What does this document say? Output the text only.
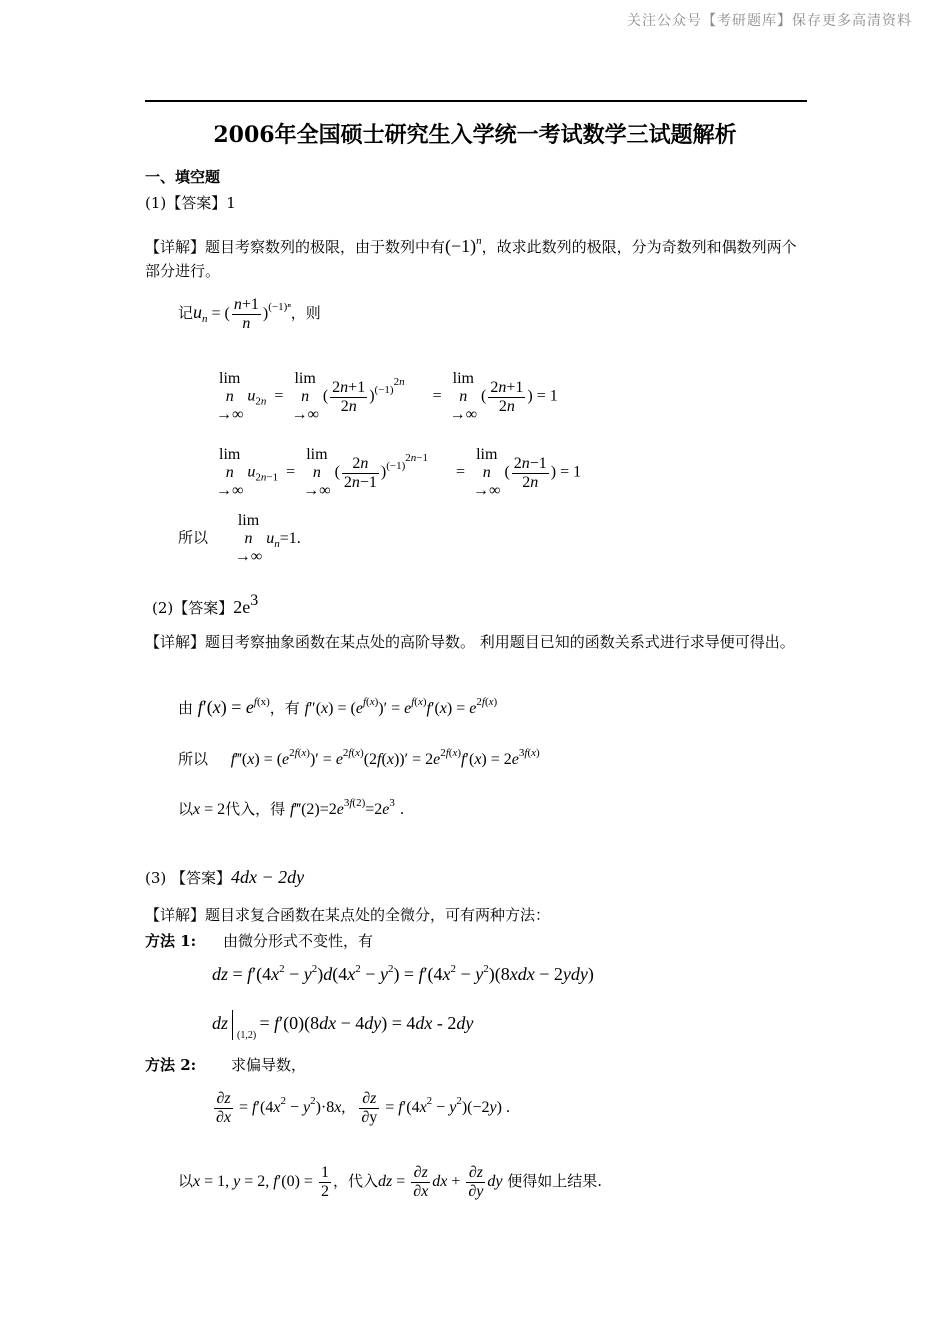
关注公众号【考研题库】保存更多高清资料
2006年全国硕士研究生入学统一考试数学三试题解析
一、填空题
(1)【答案】1
【详解】题目考察数列的极限，由于数列中有$(-1)^n$，故求此数列的极限，分为奇数列和偶数列两个部分进行。
记$u_n$ = ( $\frac{n+1}{n} )^{(-1)^n}$，则
lim
n
→∞
$u_{2n}$  =
lim
n
→∞
( $\frac{2n+1}{2n} )^{(-1)^{2n}}$       =
lim
n
→∞
( $\frac{2n+1}{2n}$ ) = 1
lim
n
→∞
$u_{2n-1}$  =
lim
n
→∞
( $\frac{2n}{2n-1} )^{(-1)^{2n-1}}$       =
lim
n
→∞
( $\frac{2n-1}{2n}$ ) = 1
所以
lim
n
→∞
$u_n=1$.
(2)【答案】$2e^3$
【详解】题目考察抽象函数在某点处的高阶导数。 利用题目已知的函数关系式进行求导便可得出。
由 $f'(x) = e^{f(x)}$，有 $f''(x) = (e^{f(x)})' = e^{f(x)}f'(x) = e^{2f(x)}$
所以 f‴(x) = $(e^{2f(x)})' = e^{2f(x)}(2f(x))' = 2e^{2f(x)}f'(x) = 2e^{3f(x)}$
以x = 2代入，得 $f‴(2)=2e^{3f(2)}=2e^3$ .
(3) 【答案】4dx − 2dy
【详解】题目求复合函数在某点处的全微分，可有两种方法：
方法 1: 由微分形式不变性，有
dz = $f'(4x^2 - y^2)d(4x^2 - y^2) = f'(4x^2 - y^2)(8xdx - 2ydy)$
dz
(1,2)
= f′(0)(8dx − 4dy) = 4dx - 2dy
方法 2: 求偏导数，
$\frac{\partial z}{\partial x} = f'(4x^2 - y^2)\cdot 8x$, $\frac{\partial z}{\partial y} = f'(4x^2 - y^2)(-2y)$ .
以x = 1, y = 2, $f'(0) = \frac{1}{2}$ ，代入dz = $\frac{\partial z}{\partial x}$ dx + $\frac{\partial z}{\partial y}$ dy 便得如上结果.
